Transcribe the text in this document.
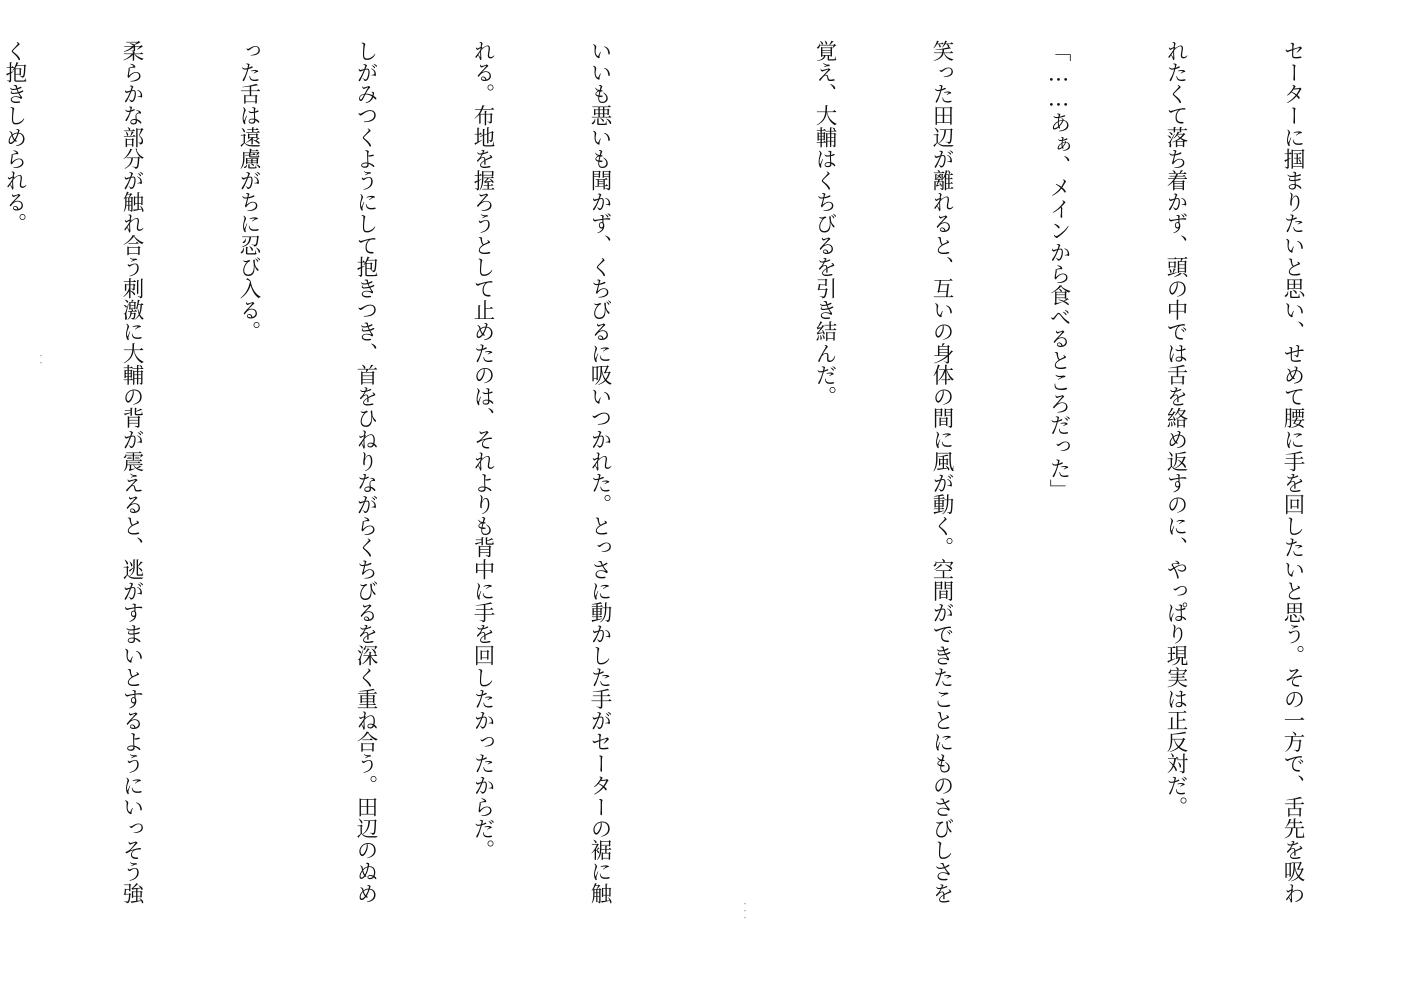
セーターに掴まりたいと思い、せめて腰に手を回したいと思う。その一方で、舌先を吸わ

れたくて落ち着かず、頭の中では舌を絡め返すのに、やっぱり現実は正反対だ。

「……あぁ、メインから食べるところだった」

笑った田辺が離れると、互いの身体の間に風が動く。空間ができたことにものさびしさを

覚え、大輔はくちびるを引き結んだ。

いいも悪いも聞かず、くちびるに吸いつかれた。とっさに動かした手がセーターの裾に触

れる。布地を握ろうとして止めたのは、それよりも背中に手を回したかったからだ。

しがみつくようにして抱きつき、首をひねりながらくちびるを深く重ね合う。田辺のぬめ

った舌は遠慮がちに忍び入る。

柔らかな部分が触れ合う刺激に大輔の背が震えると、逃がすまいとするようにいっそう強

く抱きしめられる。

・・・
・・
